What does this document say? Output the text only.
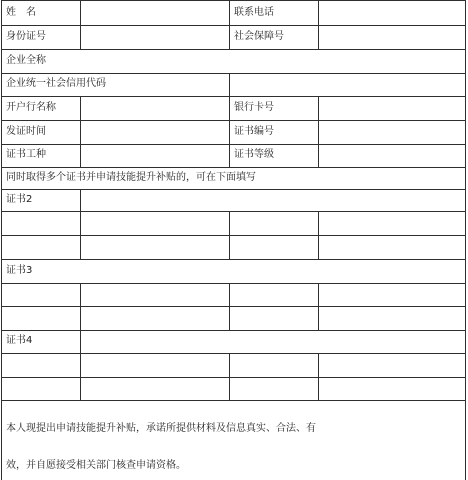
姓　名	联系电话
身份证号	社会保障号
企业全称
企业统一社会信用代码
开户行名称	银行卡号
发证时间	证书编号
证书工种	证书等级
同时取得多个证书并申请技能提升补贴的，可在下面填写
证书2
证书3
证书4
本人现提出申请技能提升补贴，承诺所提供材料及信息真实、合法、有
效，并自愿接受相关部门核查申请资格。
